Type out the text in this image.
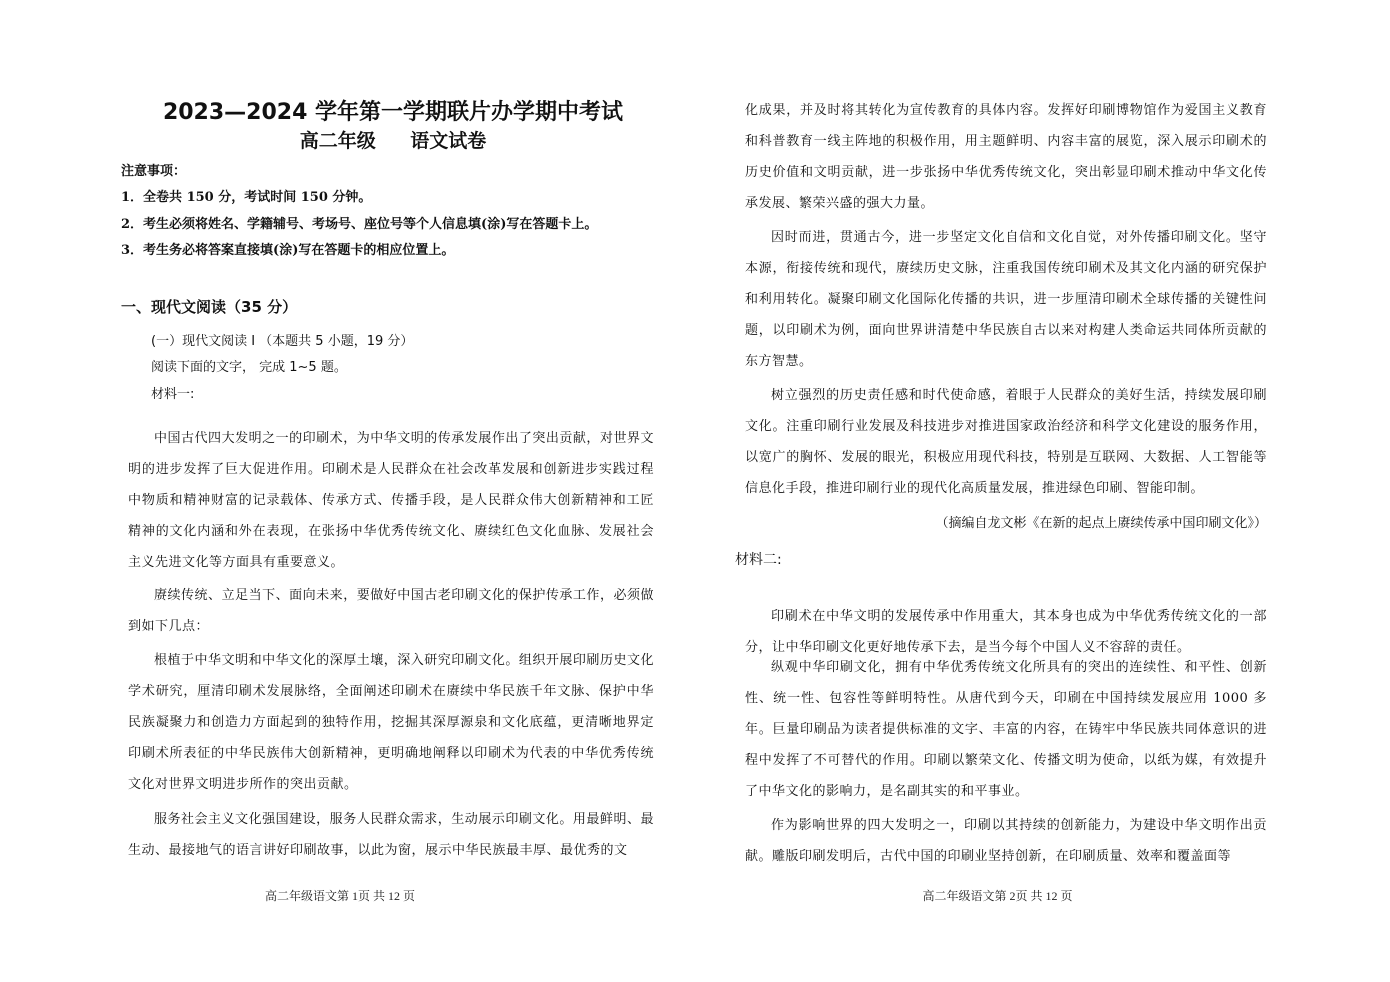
2023—2024 学年第一学期联片办学期中考试
高二年级 语文试卷
注意事项：
1．全卷共 150 分，考试时间 150 分钟。
2．考生必须将姓名、学籍辅号、考场号、座位号等个人信息填(涂)写在答题卡上。
3．考生务必将答案直接填(涂)写在答题卡的相应位置上。
一、现代文阅读（35 分）
(一）现代文阅读 I （本题共 5 小题，19 分）
阅读下面的文字， 完成 1~5 题。
材料一:

中国古代四大发明之一的印刷术，为中华文明的传承发展作出了突出贡献，对世界文明的进步发挥了巨大促进作用。印刷术是人民群众在社会改革发展和创新进步实践过程中物质和精神财富的记录载体、传承方式、传播手段，是人民群众伟大创新精神和工匠精神的文化内涵和外在表现，在张扬中华优秀传统文化、赓续红色文化血脉、发展社会主义先进文化等方面具有重要意义。

赓续传统、立足当下、面向未来，要做好中国古老印刷文化的保护传承工作，必须做到如下几点：

根植于中华文明和中华文化的深厚土壤，深入研究印刷文化。组织开展印刷历史文化学术研究，厘清印刷术发展脉络，全面阐述印刷术在赓续中华民族千年文脉、保护中华民族凝聚力和创造力方面起到的独特作用，挖掘其深厚源泉和文化底蕴，更清晰地界定印刷术所表征的中华民族伟大创新精神，更明确地阐释以印刷术为代表的中华优秀传统文化对世界文明进步所作的突出贡献。

服务社会主义文化强国建设，服务人民群众需求，生动展示印刷文化。用最鲜明、最生动、最接地气的语言讲好印刷故事，以此为窗，展示中华民族最丰厚、最优秀的文

高二年级语文第 1页 共 12 页

化成果，并及时将其转化为宣传教育的具体内容。发挥好印刷博物馆作为爱国主义教育和科普教育一线主阵地的积极作用，用主题鲜明、内容丰富的展览，深入展示印刷术的历史价值和文明贡献，进一步张扬中华优秀传统文化，突出彰显印刷术推动中华文化传承发展、繁荣兴盛的强大力量。

因时而进，贯通古今，进一步坚定文化自信和文化自觉，对外传播印刷文化。坚守本源，衔接传统和现代，赓续历史文脉，注重我国传统印刷术及其文化内涵的研究保护和利用转化。凝聚印刷文化国际化传播的共识，进一步厘清印刷术全球传播的关键性问题，以印刷术为例，面向世界讲清楚中华民族自古以来对构建人类命运共同体所贡献的东方智慧。

树立强烈的历史责任感和时代使命感，着眼于人民群众的美好生活，持续发展印刷文化。注重印刷行业发展及科技进步对推进国家政治经济和科学文化建设的服务作用，以宽广的胸怀、发展的眼光，积极应用现代科技，特别是互联网、大数据、人工智能等信息化手段，推进印刷行业的现代化高质量发展，推进绿色印刷、智能印制。

（摘编自龙文彬《在新的起点上赓续传承中国印刷文化》）
材料二:

印刷术在中华文明的发展传承中作用重大，其本身也成为中华优秀传统文化的一部分，让中华印刷文化更好地传承下去，是当今每个中国人义不容辞的责任。

纵观中华印刷文化，拥有中华优秀传统文化所具有的突出的连续性、和平性、创新性、统一性、包容性等鲜明特性。从唐代到今天，印刷在中国持续发展应用 1000 多年。巨量印刷品为读者提供标准的文字、丰富的内容，在铸牢中华民族共同体意识的进程中发挥了不可替代的作用。印刷以繁荣文化、传播文明为使命，以纸为媒，有效提升了中华文化的影响力，是名副其实的和平事业。

作为影响世界的四大发明之一，印刷以其持续的创新能力，为建设中华文明作出贡献。雕版印刷发明后，古代中国的印刷业坚持创新，在印刷质量、效率和覆盖面等

高二年级语文第 2页 共 12 页
